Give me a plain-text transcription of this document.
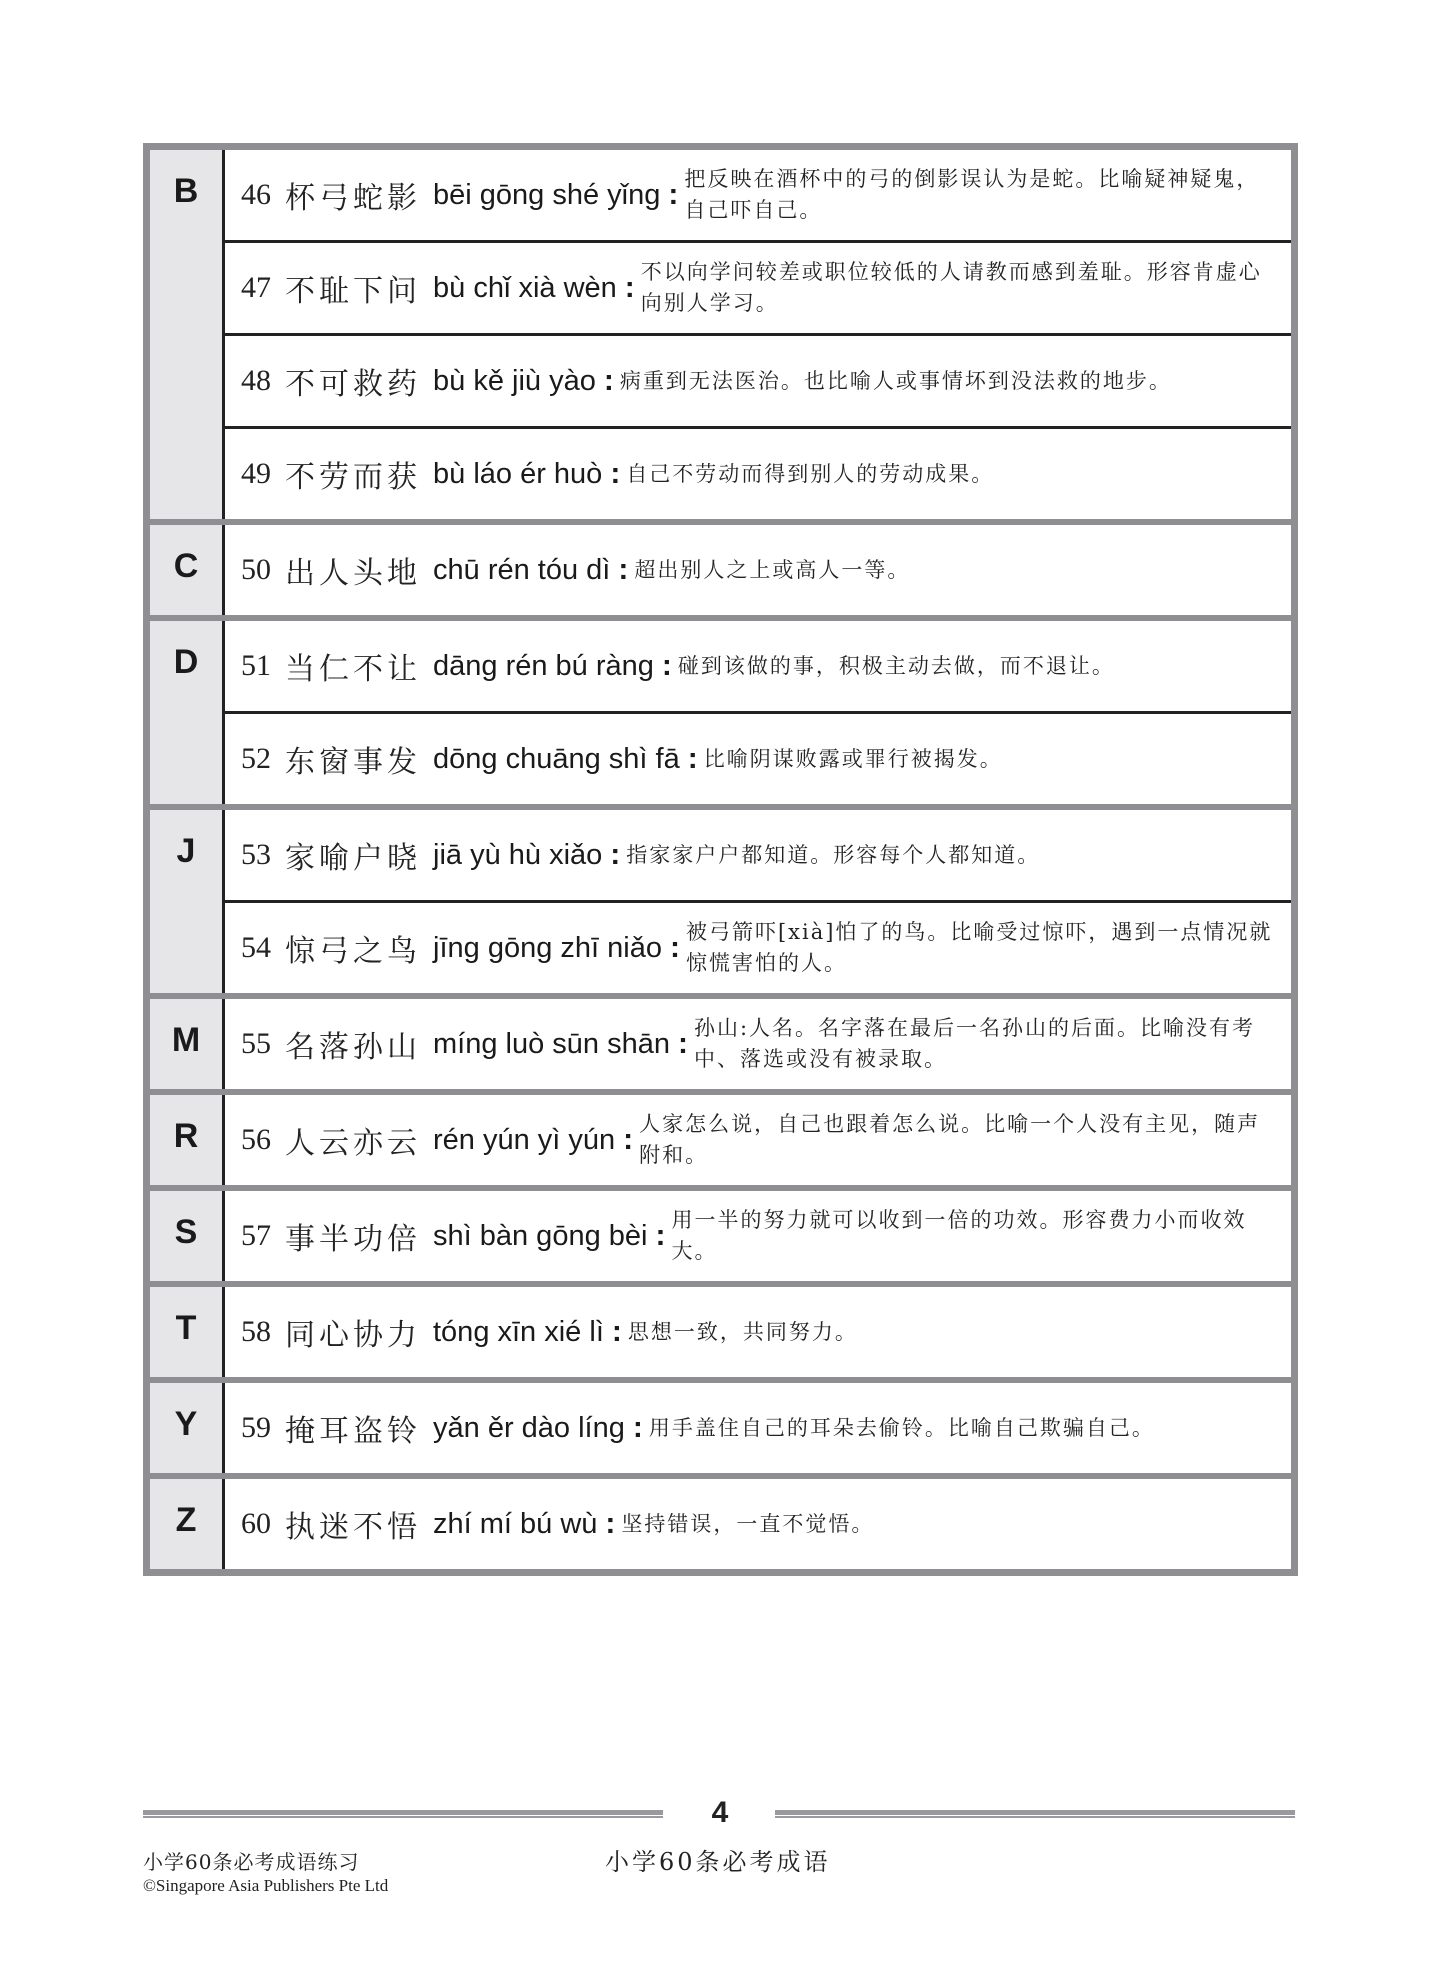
B	46 杯弓蛇影 bēi gōng shé yǐng : 把反映在酒杯中的弓的倒影误认为是蛇。比喻疑神疑鬼，自己吓自己。
47 不耻下问 bù chǐ xià wèn : 不以向学问较差或职位较低的人请教而感到羞耻。形容肯虚心向别人学习。
48 不可救药 bù kě jiù yào : 病重到无法医治。也比喻人或事情坏到没法救的地步。
49 不劳而获 bù láo ér huò : 自己不劳动而得到别人的劳动成果。
C	50 出人头地 chū rén tóu dì : 超出别人之上或高人一等。
D	51 当仁不让 dāng rén bú ràng : 碰到该做的事，积极主动去做，而不退让。
52 东窗事发 dōng chuāng shì fā : 比喻阴谋败露或罪行被揭发。
J	53 家喻户晓 jiā yù hù xiǎo : 指家家户户都知道。形容每个人都知道。
54 惊弓之鸟 jīng gōng zhī niǎo : 被弓箭吓[xià]怕了的鸟。比喻受过惊吓，遇到一点情况就惊慌害怕的人。
M	55 名落孙山 míng luò sūn shān : 孙山:人名。名字落在最后一名孙山的后面。比喻没有考中、落选或没有被录取。
R	56 人云亦云 rén yún yì yún : 人家怎么说，自己也跟着怎么说。比喻一个人没有主见，随声附和。
S	57 事半功倍 shì bàn gōng bèi : 用一半的努力就可以收到一倍的功效。形容费力小而收效大。
T	58 同心协力 tóng xīn xié lì : 思想一致，共同努力。
Y	59 掩耳盗铃 yǎn ěr dào líng : 用手盖住自己的耳朵去偷铃。比喻自己欺骗自己。
Z	60 执迷不悟 zhí mí bú wù : 坚持错误，一直不觉悟。
4
小学60条必考成语练习
©Singapore Asia Publishers Pte Ltd
小学60条必考成语
